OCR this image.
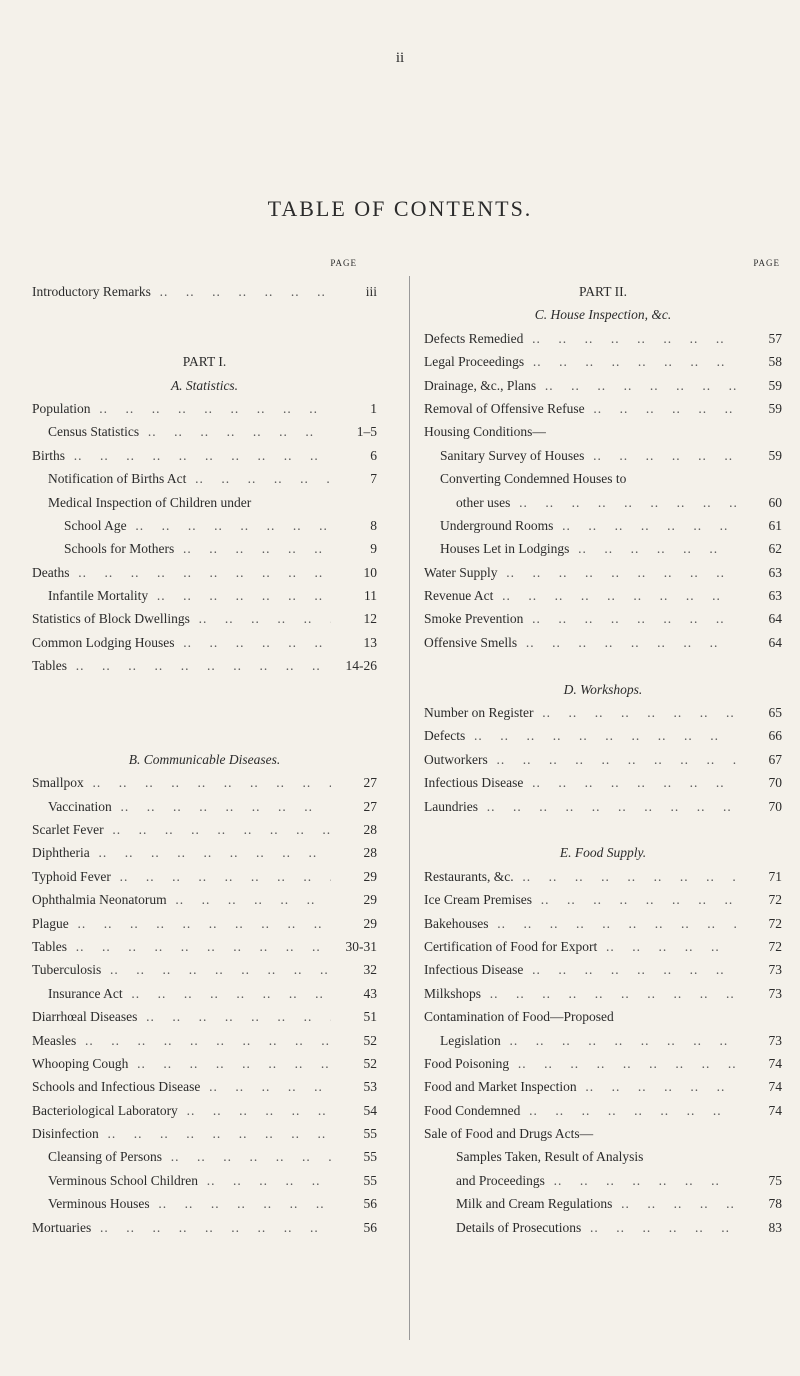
ii
TABLE OF CONTENTS.
PAGE
Introductory Remarks ..	iii
PART I.
A. Statistics.
Population ..	1
Census Statistics ..	1–5
Births ..	6
Notification of Births Act ..	7
Medical Inspection of Children under
School Age ..	8
Schools for Mothers ..	9
Deaths ..	10
Infantile Mortality ..	11
Statistics of Block Dwellings ..	12
Common Lodging Houses ..	13
Tables ..	14-26
B. Communicable Diseases.
Smallpox ..	27
Vaccination ..	27
Scarlet Fever ..	28
Diphtheria ..	28
Typhoid Fever ..	29
Ophthalmia Neonatorum ..	29
Plague ..	29
Tables ..	30-31
Tuberculosis ..	32
Insurance Act ..	43
Diarrhœal Diseases ..	51
Measles ..	52
Whooping Cough ..	52
Schools and Infectious Disease ..	53
Bacteriological Laboratory ..	54
Disinfection ..	55
Cleansing of Persons ..	55
Verminous School Children ..	55
Verminous Houses ..	56
Mortuaries ..	56
PAGE
PART II.
C. House Inspection, &c.
Defects Remedied ..	57
Legal Proceedings ..	58
Drainage, &c., Plans ..	59
Removal of Offensive Refuse ..	59
Housing Conditions—
Sanitary Survey of Houses ..	59
Converting Condemned Houses to
other uses ..	60
Underground Rooms ..	61
Houses Let in Lodgings ..	62
Water Supply ..	63
Revenue Act ..	63
Smoke Prevention ..	64
Offensive Smells ..	64
D. Workshops.
Number on Register ..	65
Defects ..	66
Outworkers ..	67
Infectious Disease ..	70
Laundries ..	70
E. Food Supply.
Restaurants, &c. ..	71
Ice Cream Premises ..	72
Bakehouses ..	72
Certification of Food for Export ..	72
Infectious Disease ..	73
Milkshops ..	73
Contamination of Food—Proposed
Legislation ..	73
Food Poisoning ..	74
Food and Market Inspection ..	74
Food Condemned ..	74
Sale of Food and Drugs Acts—
Samples Taken, Result of Analysis
and Proceedings ..	75
Milk and Cream Regulations ..	78
Details of Prosecutions ..	83
